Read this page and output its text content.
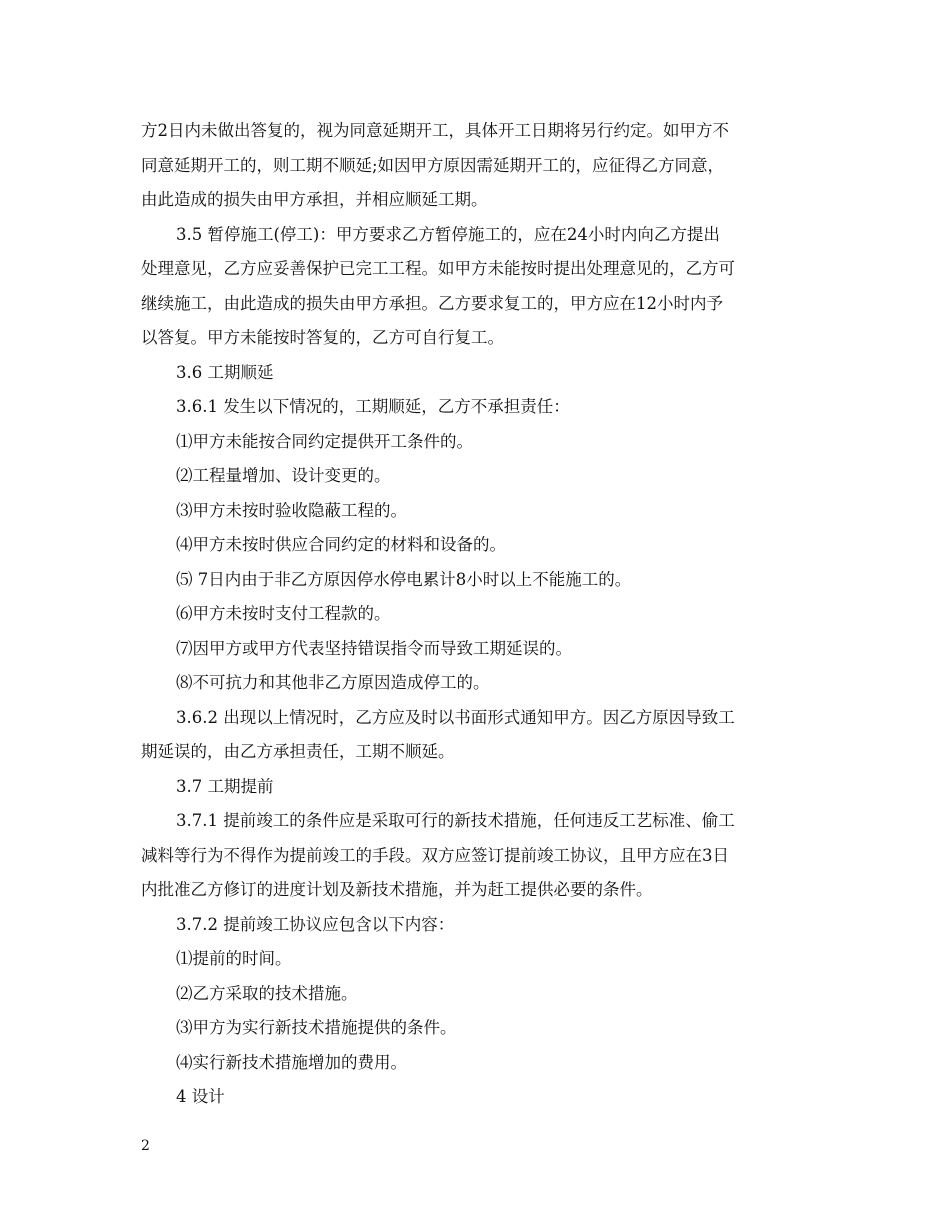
方2日内未做出答复的，视为同意延期开工，具体开工日期将另行约定。如甲方不
同意延期开工的，则工期不顺延;如因甲方原因需延期开工的，应征得乙方同意，
由此造成的损失由甲方承担，并相应顺延工期。
3.5 暂停施工(停工)：甲方要求乙方暂停施工的，应在24小时内向乙方提出
处理意见，乙方应妥善保护已完工工程。如甲方未能按时提出处理意见的，乙方可
继续施工，由此造成的损失由甲方承担。乙方要求复工的，甲方应在12小时内予
以答复。甲方未能按时答复的，乙方可自行复工。
3.6 工期顺延
3.6.1 发生以下情况的，工期顺延，乙方不承担责任：
⑴甲方未能按合同约定提供开工条件的。
⑵工程量增加、设计变更的。
⑶甲方未按时验收隐蔽工程的。
⑷甲方未按时供应合同约定的材料和设备的。
⑸ 7日内由于非乙方原因停水停电累计8小时以上不能施工的。
⑹甲方未按时支付工程款的。
⑺因甲方或甲方代表坚持错误指令而导致工期延误的。
⑻不可抗力和其他非乙方原因造成停工的。
3.6.2 出现以上情况时，乙方应及时以书面形式通知甲方。因乙方原因导致工
期延误的，由乙方承担责任，工期不顺延。
3.7 工期提前
3.7.1 提前竣工的条件应是采取可行的新技术措施，任何违反工艺标准、偷工
减料等行为不得作为提前竣工的手段。双方应签订提前竣工协议，且甲方应在3日
内批准乙方修订的进度计划及新技术措施，并为赶工提供必要的条件。
3.7.2 提前竣工协议应包含以下内容：
⑴提前的时间。
⑵乙方采取的技术措施。
⑶甲方为实行新技术措施提供的条件。
⑷实行新技术措施增加的费用。
4 设计
2
